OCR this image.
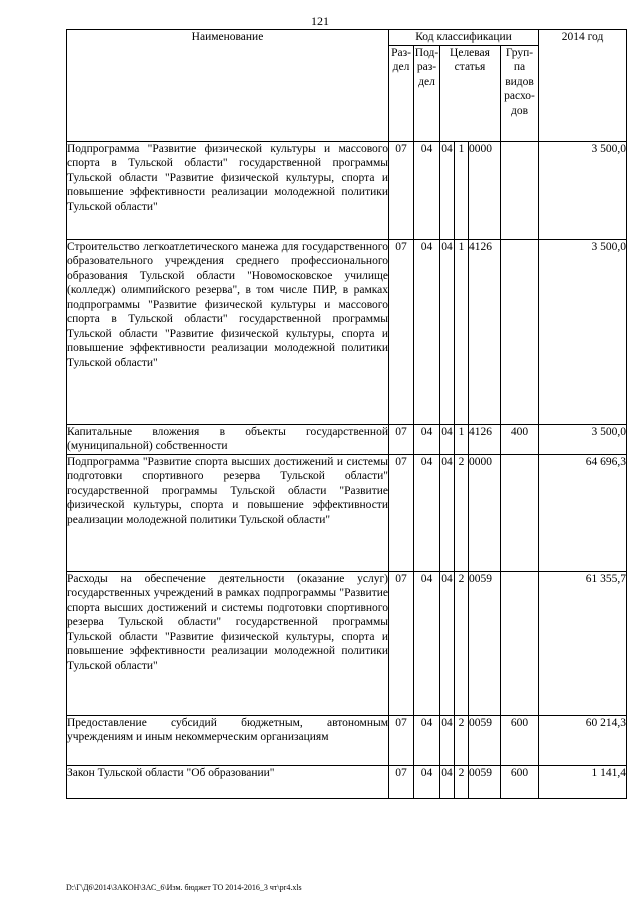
121
Наименование	Код классификации						2014 год
	Раз-дел	Под-раз-дел	Целевая статья			Груп-па видов расхо-дов	
Подпрограмма "Развитие физической культуры и массового спорта в Тульской области" государственной программы Тульской области "Развитие физической культуры, спорта и повышение эффективности реализации молодежной политики Тульской области"	07	04	04	1	0000		3 500,0
Строительство легкоатлетического манежа для государственного образовательного учреждения среднего профессионального образования Тульской области "Новомосковское училище (колледж) олимпийского резерва", в том числе ПИР, в рамках подпрограммы "Развитие физической культуры и массового спорта в Тульской области" государственной программы Тульской области "Развитие физической культуры, спорта и повышение эффективности реализации молодежной политики Тульской области"	07	04	04	1	4126		3 500,0
Капитальные вложения в объекты государственной (муниципальной) собственности	07	04	04	1	4126	400	3 500,0
Подпрограмма "Развитие спорта высших достижений и системы подготовки спортивного резерва Тульской области" государственной программы Тульской области "Развитие физической культуры, спорта и повышение эффективности реализации молодежной политики Тульской области"	07	04	04	2	0000		64 696,3
Расходы на обеспечение деятельности (оказание услуг) государственных учреждений в рамках подпрограммы "Развитие спорта высших достижений и системы подготовки спортивного резерва Тульской области" государственной программы Тульской области "Развитие физической культуры, спорта и повышение эффективности реализации молодежной политики Тульской области"	07	04	04	2	0059		61 355,7
Предоставление субсидий бюджетным, автономным учреждениям и иным некоммерческим организациям	07	04	04	2	0059	600	60 214,3
Закон Тульской области "Об образовании"	07	04	04	2	0059	600	1 141,4
D:\Г\Д6\2014\ЗАКОН\ЗАС_6\Изм. бюджет ТО 2014-2016_3 чт\pr4.xls
